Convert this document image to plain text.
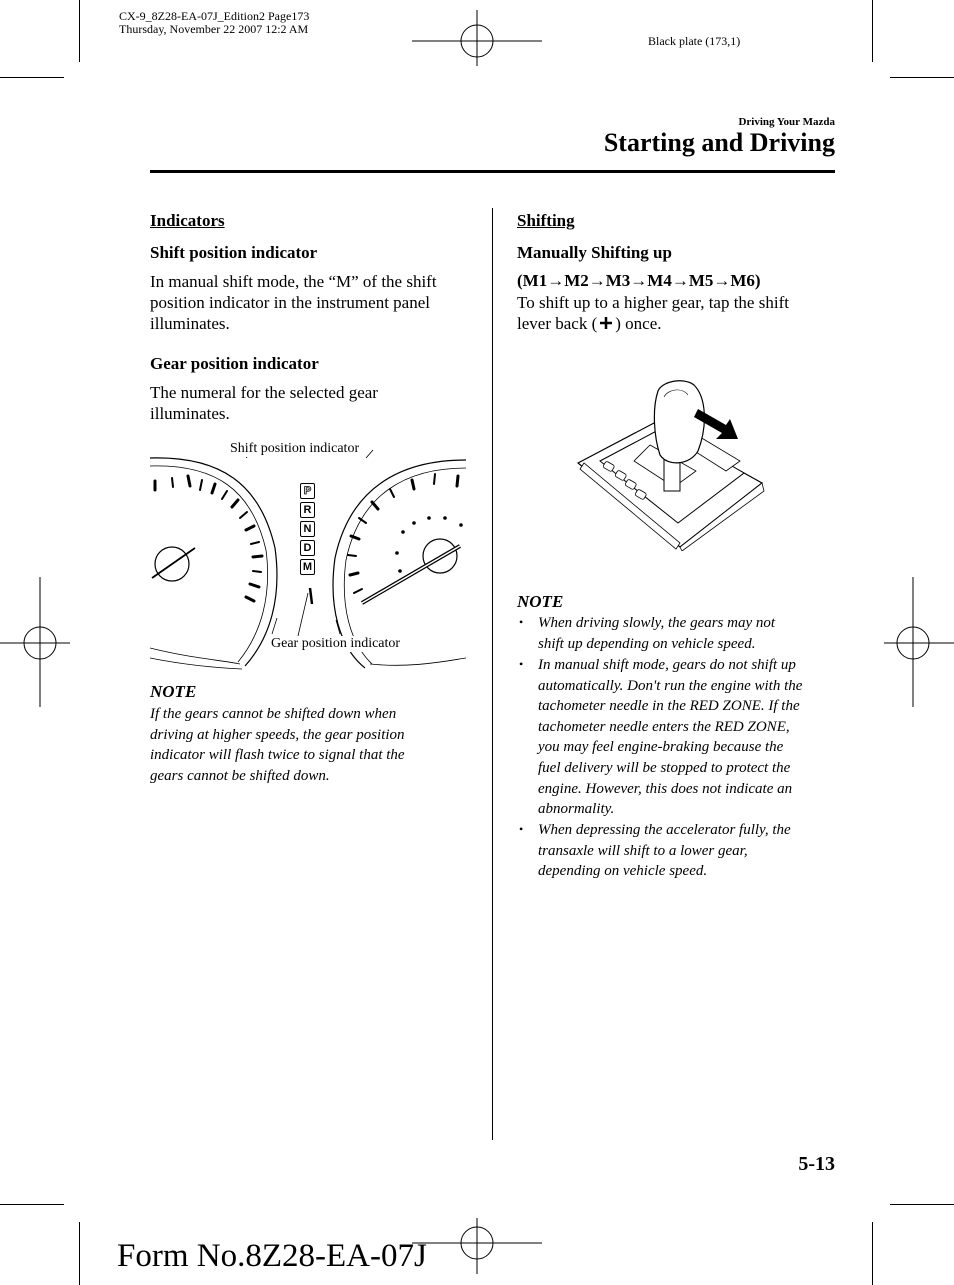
CX-9_8Z28-EA-07J_Edition2 Page173
Thursday, November 22 2007 12:2 AM
Black plate (173,1)
Driving Your Mazda
Starting and Driving
Indicators
Shift position indicator
In manual shift mode, the “M” of the shift
position indicator in the instrument panel
illuminates.
Gear position indicator
The numeral for the selected gear
illuminates.
P
R
N
D
M
Shift position indicator
Gear position indicator
NOTE
If the gears cannot be shifted down when
driving at higher speeds, the gear position
indicator will flash twice to signal that the
gears cannot be shifted down.
Shifting
Manually Shifting up
(M1→M2→M3→M4→M5→M6)
To shift up to a higher gear, tap the shift
lever back ( ) once.
NOTE
• When driving slowly, the gears may not
shift up depending on vehicle speed.
• In manual shift mode, gears do not shift up
automatically. Don't run the engine with the
tachometer needle in the RED ZONE. If the
tachometer needle enters the RED ZONE,
you may feel engine-braking because the
fuel delivery will be stopped to protect the
engine. However, this does not indicate an
abnormality.
• When depressing the accelerator fully, the
transaxle will shift to a lower gear,
depending on vehicle speed.
5-13
Form No.8Z28-EA-07J
